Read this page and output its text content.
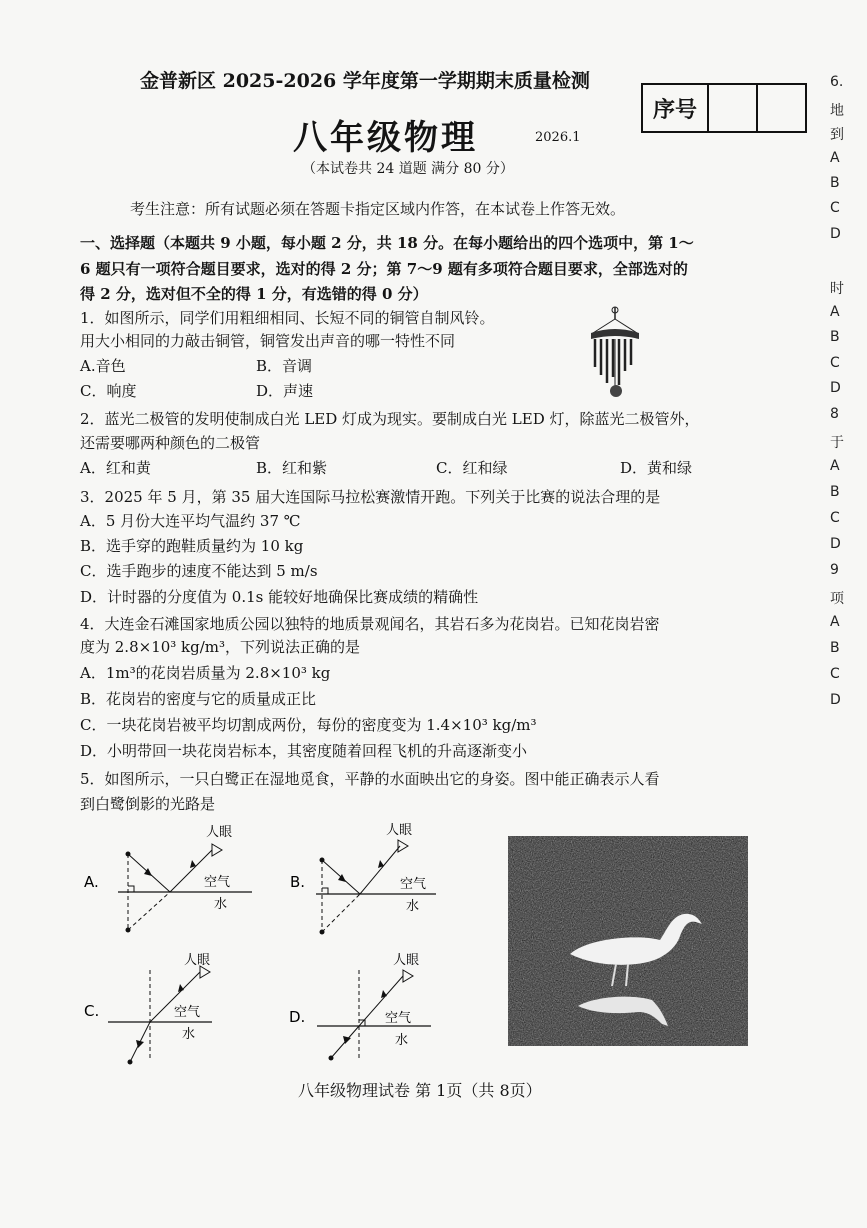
金普新区 2025-2026 学年度第一学期期末质量检测
序号
八年级物理	2026.1
（本试卷共 24 道题 满分 80 分）
考生注意：所有试题必须在答题卡指定区域内作答，在本试卷上作答无效。
一、选择题（本题共 9 小题，每小题 2 分，共 18 分。在每小题给出的四个选项中，第 1～
6 题只有一项符合题目要求，选对的得 2 分；第 7～9 题有多项符合题目要求，全部选对的
得 2 分，选对但不全的得 1 分，有选错的得 0 分）
1．如图所示，同学们用粗细相同、长短不同的铜管自制风铃。
用大小相同的力敲击铜管，铜管发出声音的哪一特性不同
A.音色	B．音调
C．响度	D．声速
2．蓝光二极管的发明使制成白光 LED 灯成为现实。要制成白光 LED 灯，除蓝光二极管外，
还需要哪两种颜色的二极管
A．红和黄	B．红和紫	C．红和绿	D．黄和绿
3．2025 年 5 月，第 35 届大连国际马拉松赛激情开跑。下列关于比赛的说法合理的是
A．5 月份大连平均气温约 37 ℃
B．选手穿的跑鞋质量约为 10 kg
C．选手跑步的速度不能达到 5 m/s
D．计时器的分度值为 0.1s 能较好地确保比赛成绩的精确性
4．大连金石滩国家地质公园以独特的地质景观闻名，其岩石多为花岗岩。已知花岗岩密
度为 2.8×10³ kg/m³，下列说法正确的是
A．1m³的花岗岩质量为 2.8×10³ kg
B．花岗岩的密度与它的质量成正比
C．一块花岗岩被平均切割成两份，每份的密度变为 1.4×10³ kg/m³
D．小明带回一块花岗岩标本，其密度随着回程飞机的升高逐渐变小
5．如图所示，一只白鹭正在湿地觅食，平静的水面映出它的身姿。图中能正确表示人看
到白鹭倒影的光路是
A.
人眼
空气
水
B.
人眼
空气
水
C.
人眼
空气
水
D.
人眼
空气
水
八年级物理试卷 第 1页（共 8页）
6.
地
到
A
B
C
D
时
A
B
C
D
8
于
A
B
C
D
9
项
A
B
C
D
